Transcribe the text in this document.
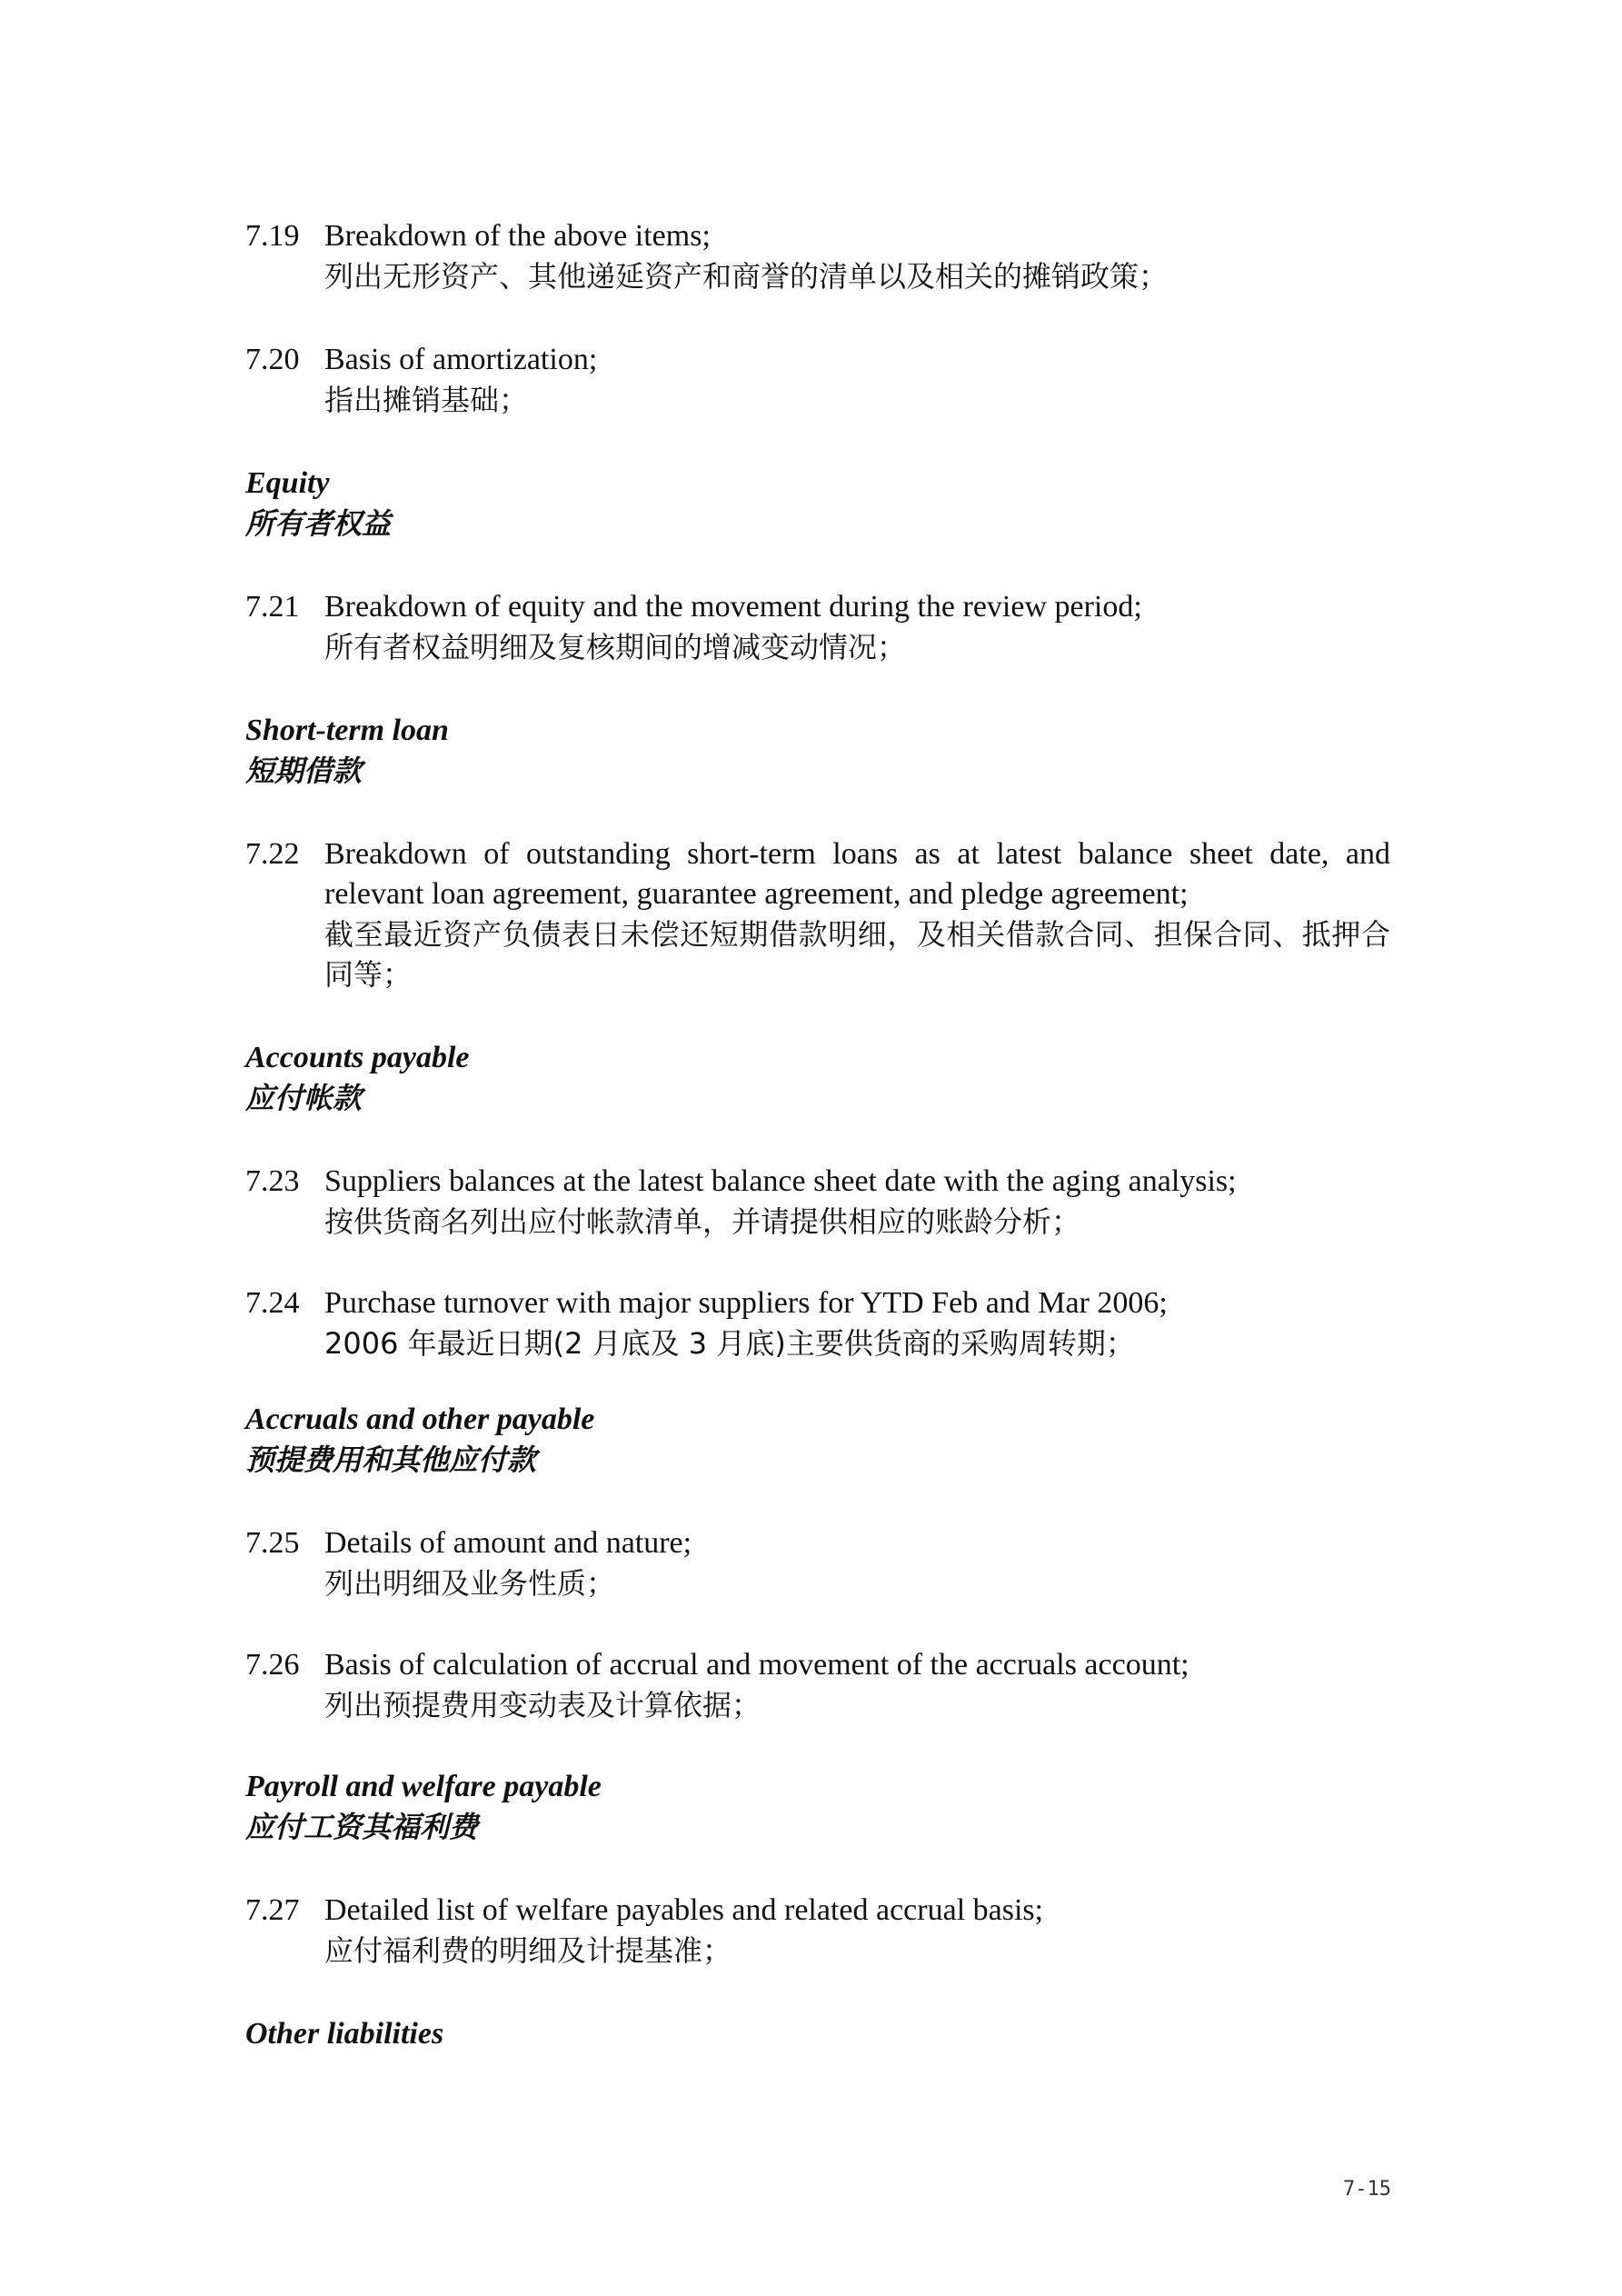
7.19 Breakdown of the above items;
列出无形资产、其他递延资产和商誉的清单以及相关的摊销政策；
7.20 Basis of amortization;
指出摊销基础；
Equity
所有者权益
7.21 Breakdown of equity and the movement during the review period;
所有者权益明细及复核期间的增减变动情况；
Short-term loan
短期借款
7.22 Breakdown of outstanding short-term loans as at latest balance sheet date, and relevant loan agreement, guarantee agreement, and pledge agreement;
截至最近资产负债表日未偿还短期借款明细，及相关借款合同、担保合同、抵押合同等；
Accounts payable
应付帐款
7.23 Suppliers balances at the latest balance sheet date with the aging analysis;
按供货商名列出应付帐款清单，并请提供相应的账龄分析；
7.24 Purchase turnover with major suppliers for YTD Feb and Mar 2006;
2006 年最近日期(2 月底及 3 月底)主要供货商的采购周转期；
Accruals and other payable
预提费用和其他应付款
7.25 Details of amount and nature;
列出明细及业务性质；
7.26 Basis of calculation of accrual and movement of the accruals account;
列出预提费用变动表及计算依据；
Payroll and welfare payable
应付工资其福利费
7.27 Detailed list of welfare payables and related accrual basis;
应付福利费的明细及计提基准；
Other liabilities
7-15
